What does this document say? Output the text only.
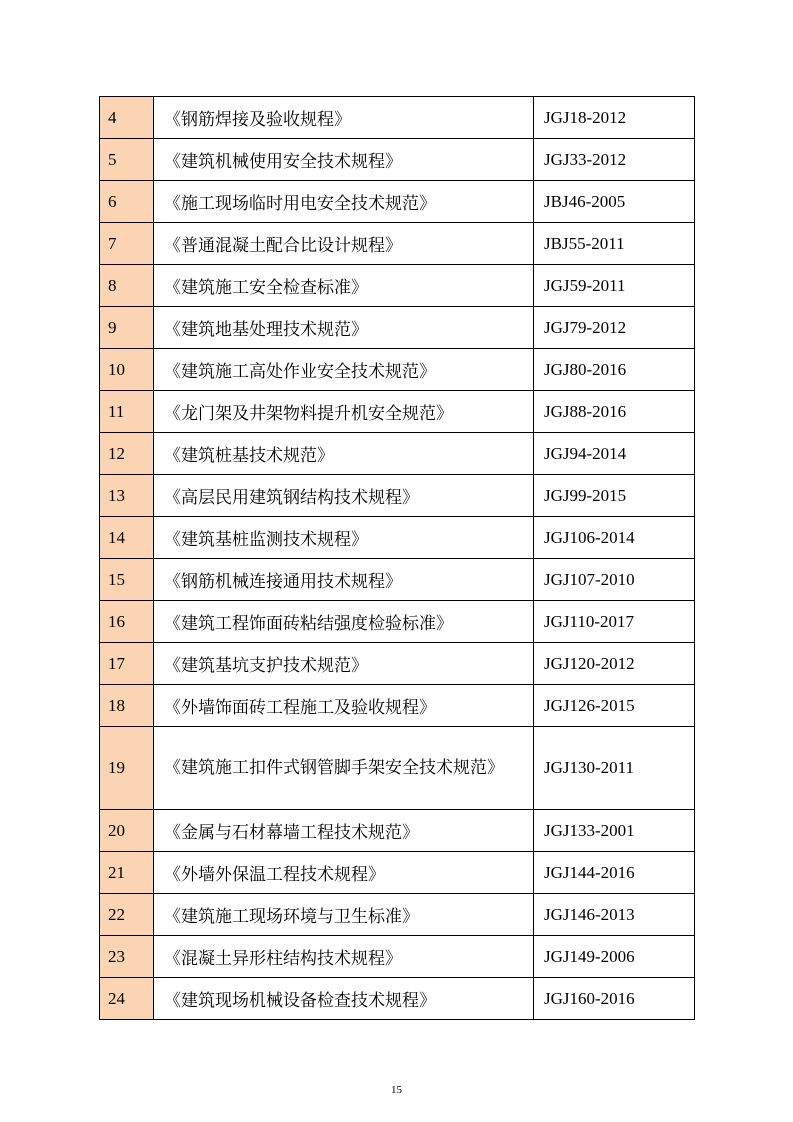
4	《钢筋焊接及验收规程》	JGJ18-2012
5	《建筑机械使用安全技术规程》	JGJ33-2012
6	《施工现场临时用电安全技术规范》	JBJ46-2005
7	《普通混凝土配合比设计规程》	JBJ55-2011
8	《建筑施工安全检查标准》	JGJ59-2011
9	《建筑地基处理技术规范》	JGJ79-2012
10	《建筑施工高处作业安全技术规范》	JGJ80-2016
11	《龙门架及井架物料提升机安全规范》	JGJ88-2016
12	《建筑桩基技术规范》	JGJ94-2014
13	《高层民用建筑钢结构技术规程》	JGJ99-2015
14	《建筑基桩监测技术规程》	JGJ106-2014
15	《钢筋机械连接通用技术规程》	JGJ107-2010
16	《建筑工程饰面砖粘结强度检验标准》	JGJ110-2017
17	《建筑基坑支护技术规范》	JGJ120-2012
18	《外墙饰面砖工程施工及验收规程》	JGJ126-2015
19	《建筑施工扣件式钢管脚手架安全技术规范》	JGJ130-2011
20	《金属与石材幕墙工程技术规范》	JGJ133-2001
21	《外墙外保温工程技术规程》	JGJ144-2016
22	《建筑施工现场环境与卫生标准》	JGJ146-2013
23	《混凝土异形柱结构技术规程》	JGJ149-2006
24	《建筑现场机械设备检查技术规程》	JGJ160-2016
15
